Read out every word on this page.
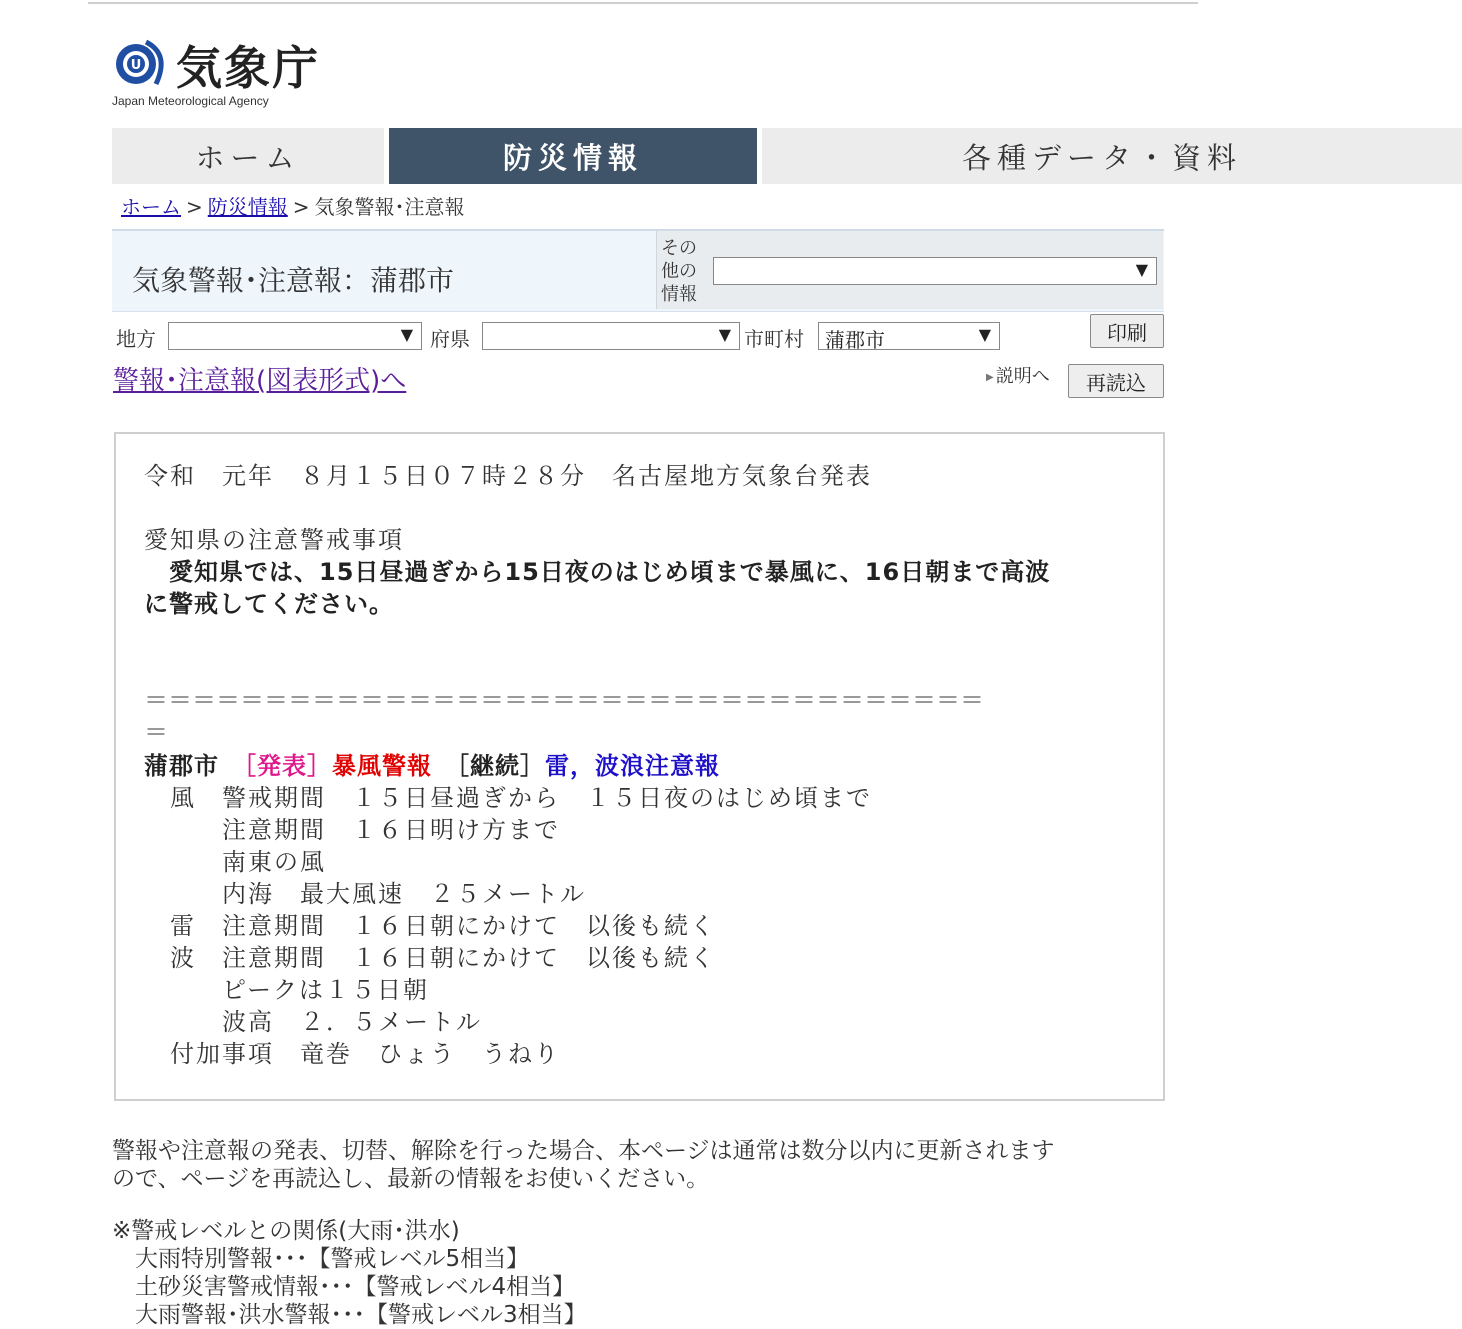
U 気象庁
Japan Meteorological Agency
ホーム	防災情報	各種データ・資料
ホーム > 防災情報 > 気象警報･注意報
気象警報･注意報：蒲郡市
その他の情報
▼
地方	▼ 府県	▼ 市町村 蒲郡市	▼	印刷
警報･注意報(図表形式)へ	▶ 説明へ	再読込
令和　元年　８月１５日０７時２８分　名古屋地方気象台発表
愛知県の注意警戒事項
　愛知県では、15日昼過ぎから15日夜のはじめ頃まで暴風に、16日朝まで高波
に警戒してください。
＝＝＝＝＝＝＝＝＝＝＝＝＝＝＝＝＝＝＝＝＝＝＝＝＝＝＝＝＝＝＝＝＝＝＝
＝
蒲郡市　 ［発表］暴風警報　 ［継続］雷，波浪注意報
　風　警戒期間　１５日昼過ぎから　１５日夜のはじめ頃まで
　　　注意期間　１６日明け方まで
　　　南東の風
　　　内海　最大風速　２５メートル
　雷　注意期間　１６日朝にかけて　以後も続く
　波　注意期間　１６日朝にかけて　以後も続く
　　　ピークは１５日朝
　　　波高　２．５メートル
　付加事項　竜巻　ひょう　うねり
警報や注意報の発表、切替、解除を行った場合、本ページは通常は数分以内に更新されます
ので、ページを再読込し、最新の情報をお使いください。
※警戒レベルとの関係(大雨･洪水)
　大雨特別警報･･･【警戒レベル5相当】
　土砂災害警戒情報･･･【警戒レベル4相当】
　大雨警報･洪水警報･･･【警戒レベル3相当】
